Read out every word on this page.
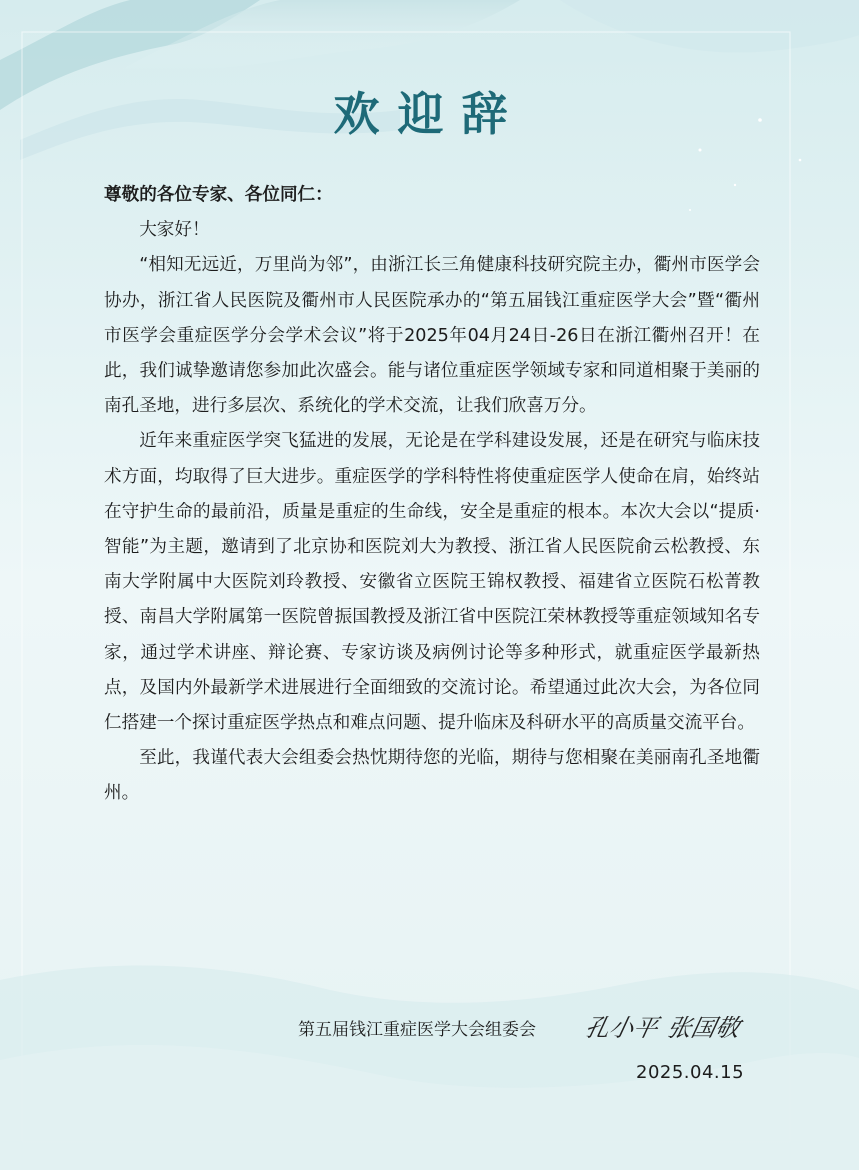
欢迎辞

尊敬的各位专家、各位同仁：

大家好！

“相知无远近，万里尚为邻”，由浙江长三角健康科技研究院主办，衢州市医学会协办，浙江省人民医院及衢州市人民医院承办的“第五届钱江重症医学大会”暨“衢州市医学会重症医学分会学术会议”将于2025年04月24日-26日在浙江衢州召开！在此，我们诚挚邀请您参加此次盛会。能与诸位重症医学领域专家和同道相聚于美丽的南孔圣地，进行多层次、系统化的学术交流，让我们欣喜万分。

近年来重症医学突飞猛进的发展，无论是在学科建设发展，还是在研究与临床技术方面，均取得了巨大进步。重症医学的学科特性将使重症医学人使命在肩，始终站在守护生命的最前沿，质量是重症的生命线，安全是重症的根本。本次大会以“提质·智能”为主题，邀请到了北京协和医院刘大为教授、浙江省人民医院俞云松教授、东南大学附属中大医院刘玲教授、安徽省立医院王锦权教授、福建省立医院石松菁教授、南昌大学附属第一医院曾振国教授及浙江省中医院江荣林教授等重症领域知名专家，通过学术讲座、辩论赛、专家访谈及病例讨论等多种形式，就重症医学最新热点，及国内外最新学术进展进行全面细致的交流讨论。希望通过此次大会，为各位同仁搭建一个探讨重症医学热点和难点问题、提升临床及科研水平的高质量交流平台。

至此，我谨代表大会组委会热忱期待您的光临，期待与您相聚在美丽南孔圣地衢州。

第五届钱江重症医学大会组委会 孔小平 张国敬
2025.04.15
